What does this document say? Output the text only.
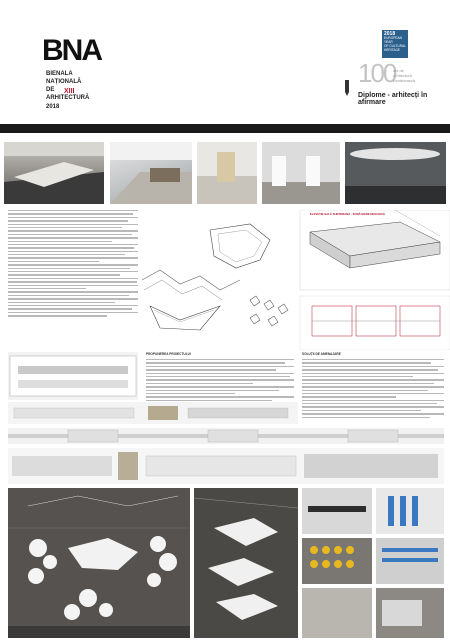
BNA
BIENALA
NAȚIONALĂ
DE
ARHITECTURĂ
XIII
2018
2018
EUROPEAN YEAR
OF CULTURAL
HERITAGE
100
ani de arhitectură românească
Diplome - arhitecți în afirmare
Proiect de diplomă: REAMENAJAREA STAȚIEI DE METROU UNIVERSITATE Autor: Stud. COSMIN CEHAN
ELEVAȚIE SALĂ SUBTERANĂ - ZONĂ MARE DESCHISĂ
PROPUNEREA PROIECTULUI	SOLUȚII DE AMENAJARE
